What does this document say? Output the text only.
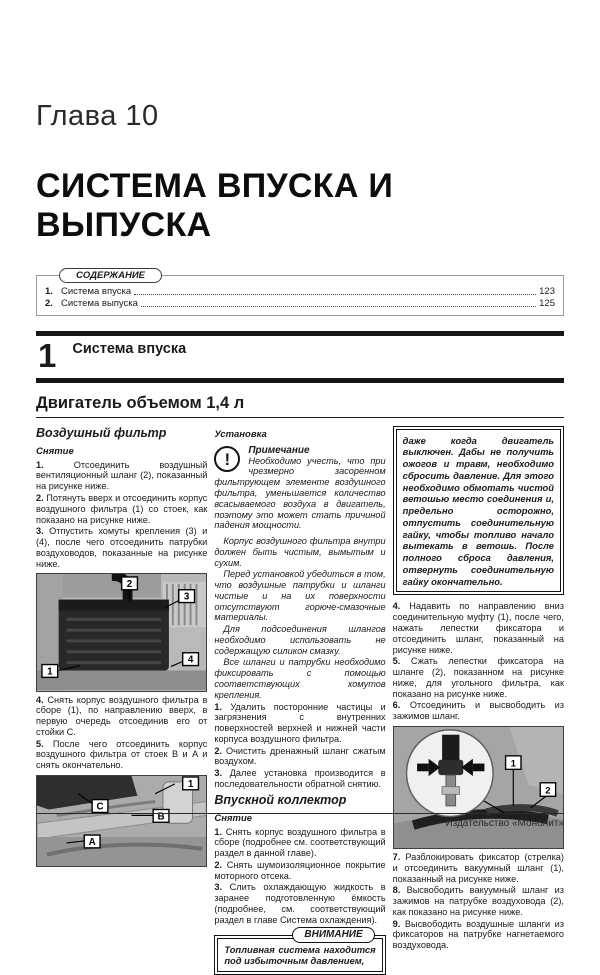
Глава 10
СИСТЕМА ВПУСКА И ВЫПУСКА
СОДЕРЖАНИЕ
1. Система впуска	123
2. Система выпуска	125
1 Система впуска
Двигатель объемом 1,4 л
Воздушный фильтр
Снятие

1.	Отсоединить воздушный вентиляционный шланг (2), показанный на рисунке ниже.

2. Потянуть вверх и отсоединить корпус воздушного фильтра (1) со стоек, как показано на рисунке ниже.

3. Отпустить хомуты крепления (3) и (4), после чего отсоединить патрубки воздуховодов, показанные на рисунке ниже.

2
3
4
1

4. Снять корпус воздушного фильтра в сборе (1), по направлению вверх, в первую очередь отсоединив его от стойки C.

5. После чего отсоединить корпус воздушного фильтра от стоек B и A и снять окончательно.

1
C
B
A
Установка
!	Примечание
Необходимо учесть, что при чрезмерно засоренном фильтрующем элементе воздушного фильтра, уменьшается количество всасываемого воздуха в двигатель, поэтому это может стать причиной падения мощности.

Корпус воздушного фильтра внутри должен быть чистым, вымытым и сухим.

Перед установкой убедиться в том, что воздушные патрубки и шланги чистые и на их поверхности отсутствуют горюче-смазочные материалы.

Для подсоединения шлангов необходимо использовать не содержащую силикон смазку.

Все шланги и патрубки необходимо фиксировать с помощью соответствующих хомутов крепления.

1. Удалить посторонние частицы и загрязнения с внутренних поверхностей верхней и нижней части корпуса воздушного фильтра.

2. Очистить дренажный шланг сжатым воздухом.

3. Далее установка производится в последовательности обратной снятию.

Впускной коллектор
Снятие

1. Снять корпус воздушного фильтра в сборе (подробнее см. соответствующий раздел в данной главе).

2. Снять шумоизоляционное покрытие моторного отсека.

3. Слить охлаждающую жидкость в заранее подготовленную ёмкость (подробнее, см. соответствующий раздел в главе Система охлаждения).

ВНИМАНИЕ
Топливная система находится под избыточным давлением,
даже когда двигатель выключен. Дабы не получить ожогов и травм, необходимо сбросить давление. Для этого необходимо обмотать чистой ветошью место соединения и, предельно осторожно, отпустить соединительную гайку, чтобы топливо начало вытекать в ветошь. После полного сброса давления, отвернуть соединительную гайку окончательно.

4. Надавить по направлению вниз соединительную муфту (1), после чего, нажать лепестки фиксатора и отсоединить шланг, показанный на рисунке ниже.

5. Сжать лепестки фиксатора на шланге (2), показанном на рисунке ниже, для угольного фильтра, как показано на рисунке ниже.

6. Отсоединить и высвободить из зажимов шланг.

1
2

7. Разблокировать фиксатор (стрелка) и отсоединить вакуумный шланг (1), показанный на рисунке ниже.

8. Высвободить вакуумный шланг из зажимов на патрубке воздуховода (2), как показано на рисунке ниже.

9. Высвободить воздушные шланги из фиксаторов на патрубке нагнетаемого воздуховода.

Издательство «Монолит»
